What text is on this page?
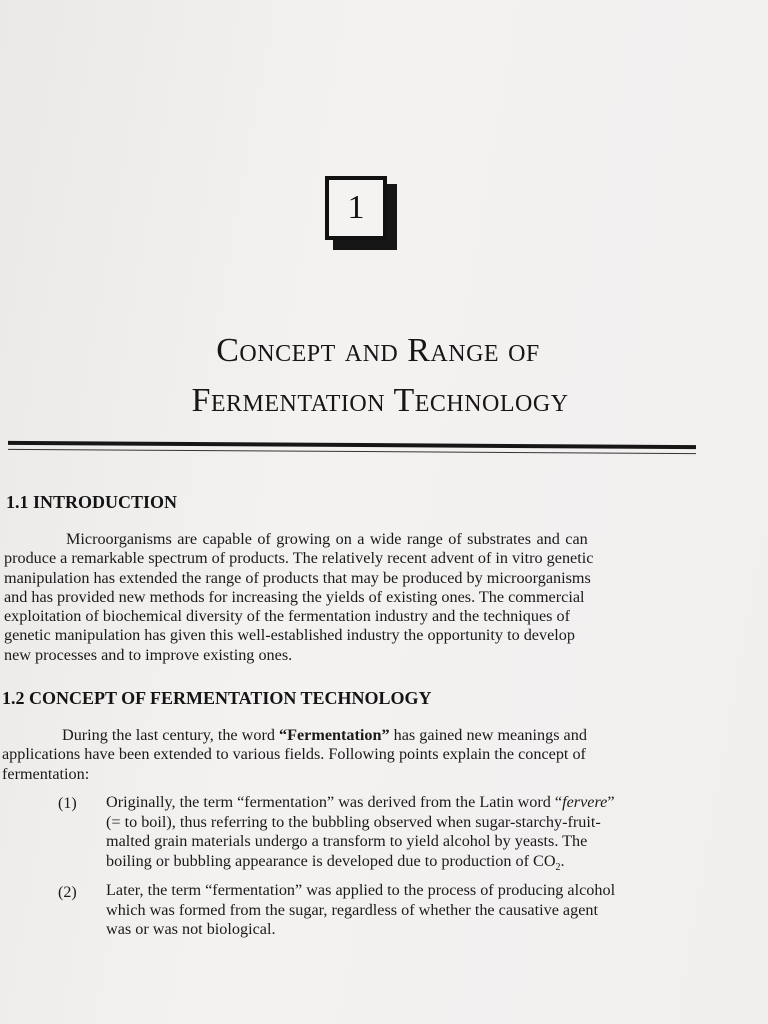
1
Concept and Range of
Fermentation Technology
1.1 INTRODUCTION
Microorganisms are capable of growing on a wide range of substrates and can
produce a remarkable spectrum of products. The relatively recent advent of in vitro genetic
manipulation has extended the range of products that may be produced by microorganisms
and has provided new methods for increasing the yields of existing ones. The commercial
exploitation of biochemical diversity of the fermentation industry and the techniques of
genetic manipulation has given this well-established industry the opportunity to develop
new processes and to improve existing ones.
1.2 CONCEPT OF FERMENTATION TECHNOLOGY
During the last century, the word “Fermentation” has gained new meanings and
applications have been extended to various fields. Following points explain the concept of
fermentation:
(1) Originally, the term “fermentation” was derived from the Latin word “fervere”
(= to boil), thus referring to the bubbling observed when sugar-starchy-fruit-
malted grain materials undergo a transform to yield alcohol by yeasts. The
boiling or bubbling appearance is developed due to production of $CO_2$.
(2) Later, the term “fermentation” was applied to the process of producing alcohol
which was formed from the sugar, regardless of whether the causative agent
was or was not biological.
